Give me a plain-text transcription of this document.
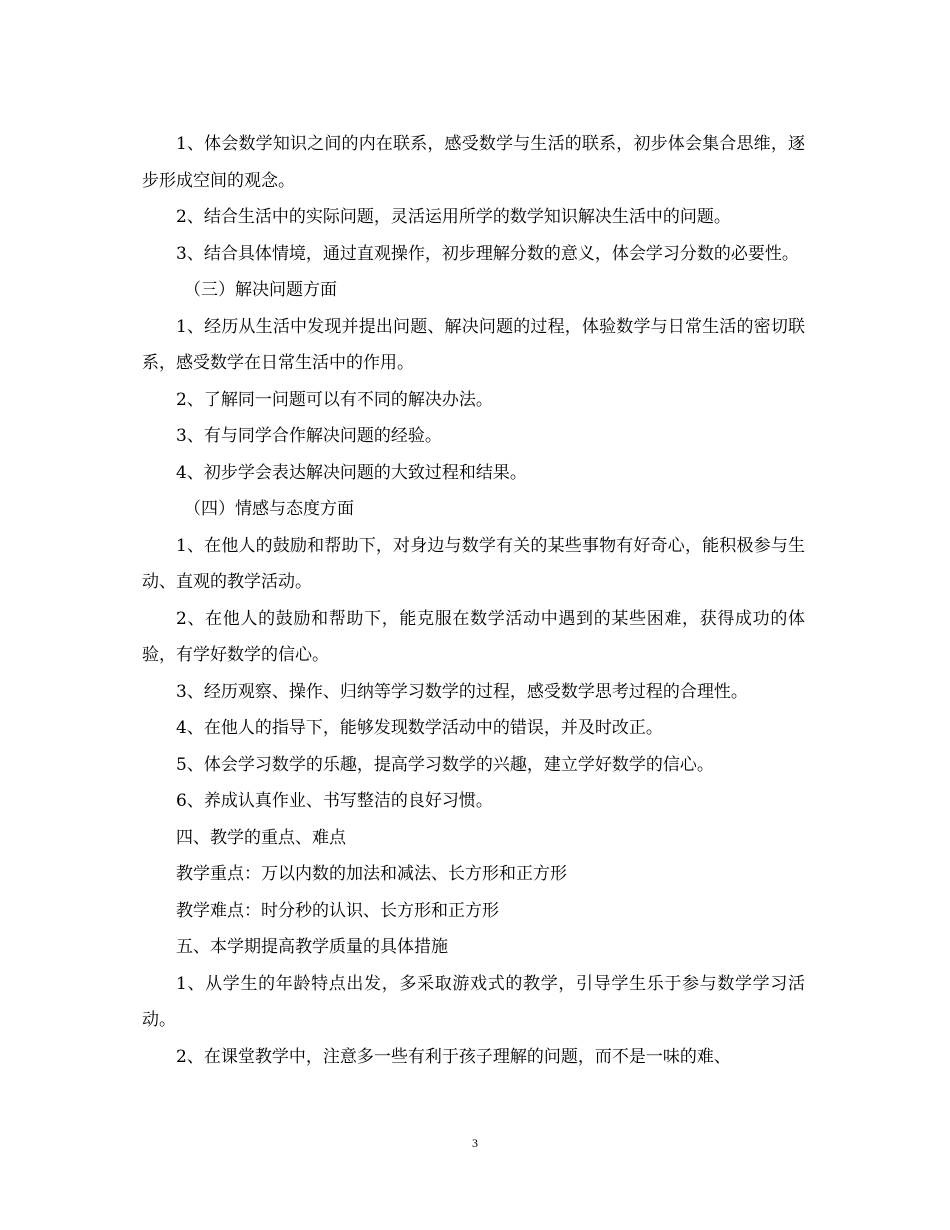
1、体会数学知识之间的内在联系，感受数学与生活的联系，初步体会集合思维，逐步形成空间的观念。

2、结合生活中的实际问题，灵活运用所学的数学知识解决生活中的问题。

3、结合具体情境，通过直观操作，初步理解分数的意义，体会学习分数的必要性。

（三）解决问题方面

1、经历从生活中发现并提出问题、解决问题的过程，体验数学与日常生活的密切联系，感受数学在日常生活中的作用。

2、了解同一问题可以有不同的解决办法。

3、有与同学合作解决问题的经验。

4、初步学会表达解决问题的大致过程和结果。

（四）情感与态度方面

1、在他人的鼓励和帮助下，对身边与数学有关的某些事物有好奇心，能积极参与生动、直观的教学活动。

2、在他人的鼓励和帮助下，能克服在数学活动中遇到的某些困难，获得成功的体验，有学好数学的信心。

3、经历观察、操作、归纳等学习数学的过程，感受数学思考过程的合理性。

4、在他人的指导下，能够发现数学活动中的错误，并及时改正。

5、体会学习数学的乐趣，提高学习数学的兴趣，建立学好数学的信心。

6、养成认真作业、书写整洁的良好习惯。

四、教学的重点、难点

教学重点：万以内数的加法和减法、长方形和正方形

教学难点：时分秒的认识、长方形和正方形

五、本学期提高教学质量的具体措施

1、从学生的年龄特点出发，多采取游戏式的教学，引导学生乐于参与数学学习活动。

2、在课堂教学中，注意多一些有利于孩子理解的问题，而不是一味的难、

3
